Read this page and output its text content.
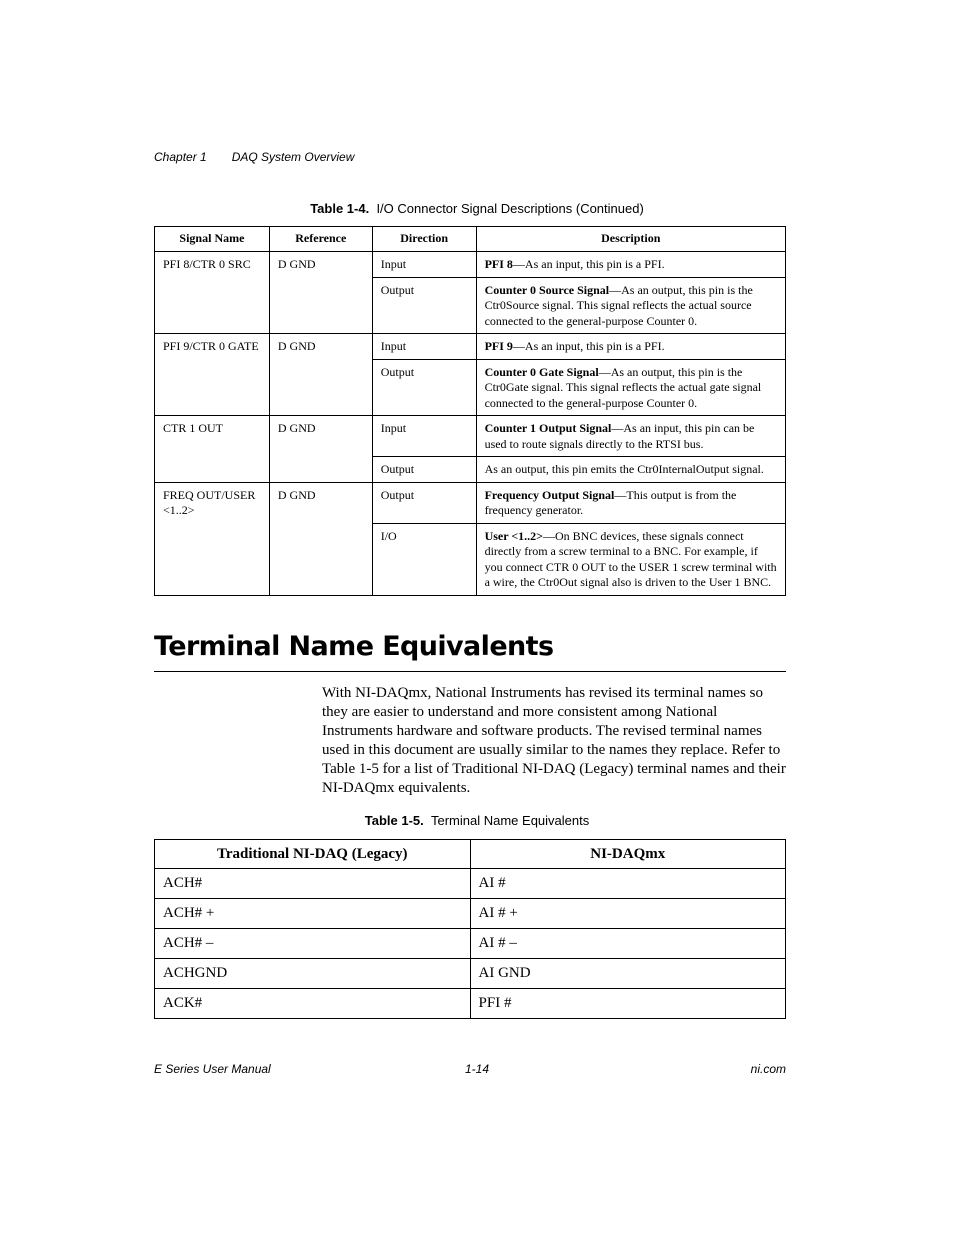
Chapter 1 DAQ System Overview
Table 1-4. I/O Connector Signal Descriptions (Continued)
Signal Name	Reference	Direction	Description
PFI 8/CTR 0 SRC	D GND	Input	PFI 8—As an input, this pin is a PFI.
		Output	Counter 0 Source Signal—As an output, this pin is the Ctr0Source signal. This signal reflects the actual source connected to the general-purpose Counter 0.
PFI 9/CTR 0 GATE	D GND	Input	PFI 9—As an input, this pin is a PFI.
		Output	Counter 0 Gate Signal—As an output, this pin is the Ctr0Gate signal. This signal reflects the actual gate signal connected to the general-purpose Counter 0.
CTR 1 OUT	D GND	Input	Counter 1 Output Signal—As an input, this pin can be used to route signals directly to the RTSI bus.
		Output	As an output, this pin emits the Ctr0InternalOutput signal.
FREQ OUT/USER <1..2>	D GND	Output	Frequency Output Signal—This output is from the frequency generator.
		I/O	User <1..2>—On BNC devices, these signals connect directly from a screw terminal to a BNC. For example, if you connect CTR 0 OUT to the USER 1 screw terminal with a wire, the Ctr0Out signal also is driven to the User 1 BNC.
Terminal Name Equivalents
With NI-DAQmx, National Instruments has revised its terminal names so they are easier to understand and more consistent among National Instruments hardware and software products. The revised terminal names used in this document are usually similar to the names they replace. Refer to Table 1-5 for a list of Traditional NI-DAQ (Legacy) terminal names and their NI-DAQmx equivalents.
Table 1-5. Terminal Name Equivalents
Traditional NI-DAQ (Legacy)	NI-DAQmx
ACH#	AI #
ACH# +	AI # +
ACH# –	AI # –
ACHGND	AI GND
ACK#	PFI #
E Series User Manual	1-14	ni.com
